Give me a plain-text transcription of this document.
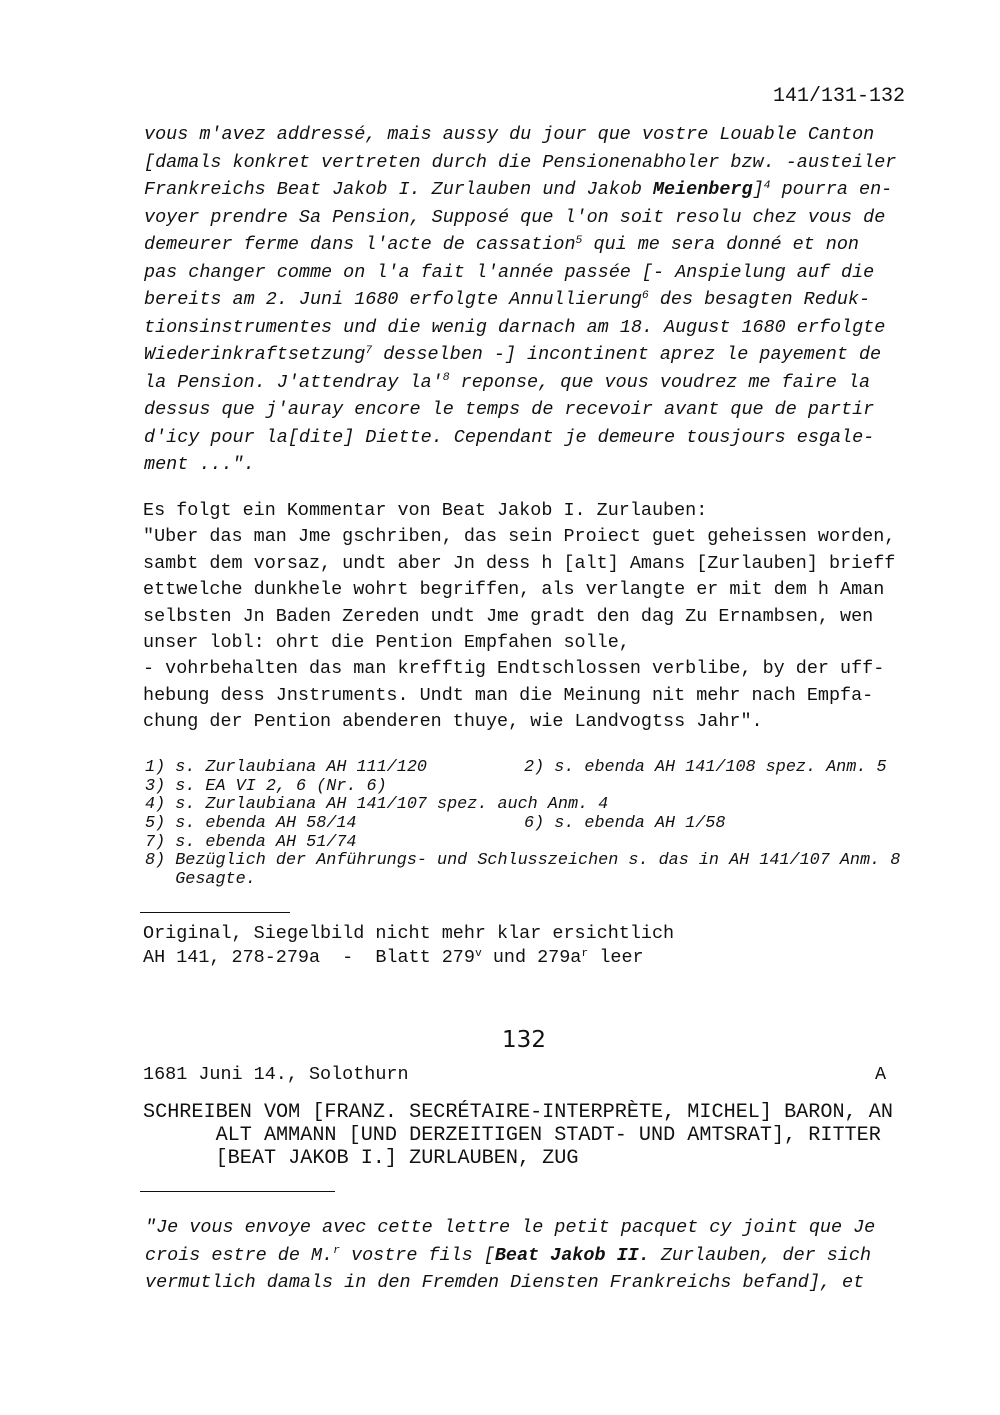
141/131-132
vous m'avez addressé, mais aussy du jour que vostre Louable Canton
[damals konkret vertreten durch die Pensionenabholer bzw. -austeiler
Frankreichs Beat Jakob I. Zurlauben und Jakob Meienberg]$^4$ pourra en-
voyer prendre Sa Pension, Supposé que l'on soit resolu chez vous de
demeurer ferme dans l'acte de cassation$^5$ qui me sera donné et non
pas changer comme on l'a fait l'année passée [- Anspielung auf die
bereits am 2. Juni 1680 erfolgte Annullierung$^6$ des besagten Reduk-
tionsinstrumentes und die wenig darnach am 18. August 1680 erfolgte
Wiederinkraftsetzung$^7$ desselben -] incontinent aprez le payement de
la Pension. J'attendray la'$^8$ reponse, que vous voudrez me faire la
dessus que j'auray encore le temps de recevoir avant que de partir
d'icy pour la[dite] Diette. Cependant je demeure tousjours esgale-
ment ...".
Es folgt ein Kommentar von Beat Jakob I. Zurlauben:
"Uber das man Jme gschriben, das sein Proiect guet geheissen worden,
sambt dem vorsaz, undt aber Jn dess h [alt] Amans [Zurlauben] brieff
ettwelche dunkhele wohrt begriffen, als verlangte er mit dem h Aman
selbsten Jn Baden Zereden undt Jme gradt den dag Zu Ernambsen, wen
unser lobl: ohrt die Pention Empfahen solle,
- vohrbehalten das man krefftig Endtschlossen verblibe, by der uff-
hebung dess Jnstruments. Undt man die Meinung nit mehr nach Empfa-
chung der Pention abenderen thuye, wie Landvogtss Jahr".
1) s. Zurlaubiana AH 111/120	2) s. ebenda AH 141/108 spez. Anm. 5
3) s. EA VI 2, 6 (Nr. 6)
4) s. Zurlaubiana AH 141/107 spez. auch Anm. 4
5) s. ebenda AH 58/14	6) s. ebenda AH 1/58
7) s. ebenda AH 51/74
8) Bezüglich der Anführungs- und Schlusszeichen s. das in AH 141/107 Anm. 8
Gesagte.
Original, Siegelbild nicht mehr klar ersichtlich
AH 141, 278-279a  -  Blatt 279$^v$ und 279a$^r$ leer
132
1681 Juni 14., Solothurn	A
SCHREIBEN VOM [FRANZ. SECRÉTAIRE-INTERPRÈTE, MICHEL] BARON, AN
ALT AMMANN [UND DERZEITIGEN STADT- UND AMTSRAT], RITTER
[BEAT JAKOB I.] ZURLAUBEN, ZUG
"Je vous envoye avec cette lettre le petit pacquet cy joint que Je
crois estre de M.$^r$ vostre fils [Beat Jakob II. Zurlauben, der sich
vermutlich damals in den Fremden Diensten Frankreichs befand], et
